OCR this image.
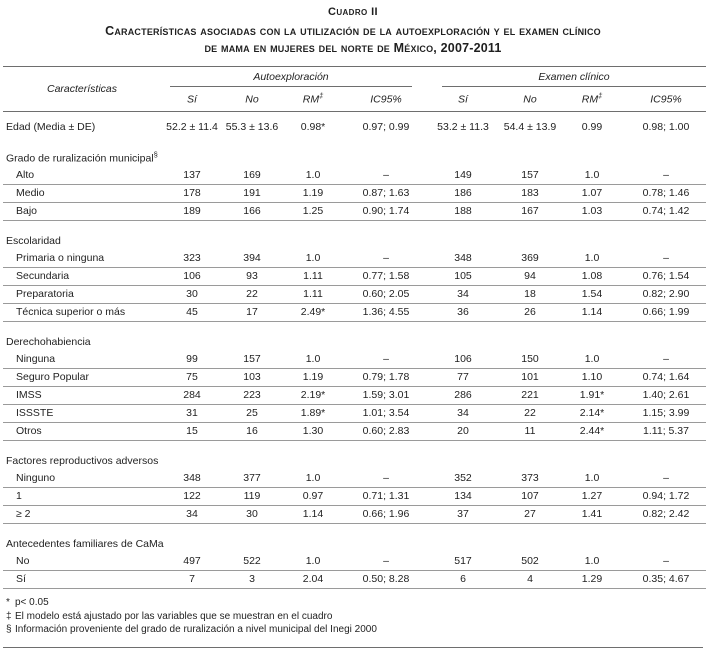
Cuadro II
Características asociadas con la utilización de la autoexploración y el examen clínico
de mama en mujeres del norte de México, 2007-2011
Características	Autoexploración				Examen clínico			

	Sí	No	RM‡	IC95%	Sí	No	RM‡	IC95%
Edad (Media ± DE)	52.2 ± 11.4	55.3 ± 13.6	0.98*	0.97; 0.99	53.2 ± 11.3	54.4 ± 13.9	0.99	0.98; 1.00
Grado de ruralización municipal§
Alto	137	169	1.0	–	149	157	1.0	–
Medio	178	191	1.19	0.87; 1.63	186	183	1.07	0.78; 1.46
Bajo	189	166	1.25	0.90; 1.74	188	167	1.03	0.74; 1.42
Escolaridad								
Primaria o ninguna	323	394	1.0	–	348	369	1.0	–
Secundaria	106	93	1.11	0.77; 1.58	105	94	1.08	0.76; 1.54
Preparatoria	30	22	1.11	0.60; 2.05	34	18	1.54	0.82; 2.90
Técnica superior o más	45	17	2.49*	1.36; 4.55	36	26	1.14	0.66; 1.99
Derechohabiencia								
Ninguna	99	157	1.0	–	106	150	1.0	–
Seguro Popular	75	103	1.19	0.79; 1.78	77	101	1.10	0.74; 1.64
IMSS	284	223	2.19*	1.59; 3.01	286	221	1.91*	1.40; 2.61
ISSSTE	31	25	1.89*	1.01; 3.54	34	22	2.14*	1.15; 3.99
Otros	15	16	1.30	0.60; 2.83	20	11	2.44*	1.11; 5.37
Factores reproductivos adversos								
Ninguno	348	377	1.0	–	352	373	1.0	–
1	122	119	0.97	0.71; 1.31	134	107	1.27	0.94; 1.72
≥ 2	34	30	1.14	0.66; 1.96	37	27	1.41	0.82; 2.42
Antecedentes familiares de CaMa								
No	497	522	1.0	–	517	502	1.0	–
Sí	7	3	2.04	0.50; 8.28	6	4	1.29	0.35; 4.67
* p< 0.05
‡ El modelo está ajustado por las variables que se muestran en el cuadro
§ Información proveniente del grado de ruralización a nivel municipal del Inegi 2000
